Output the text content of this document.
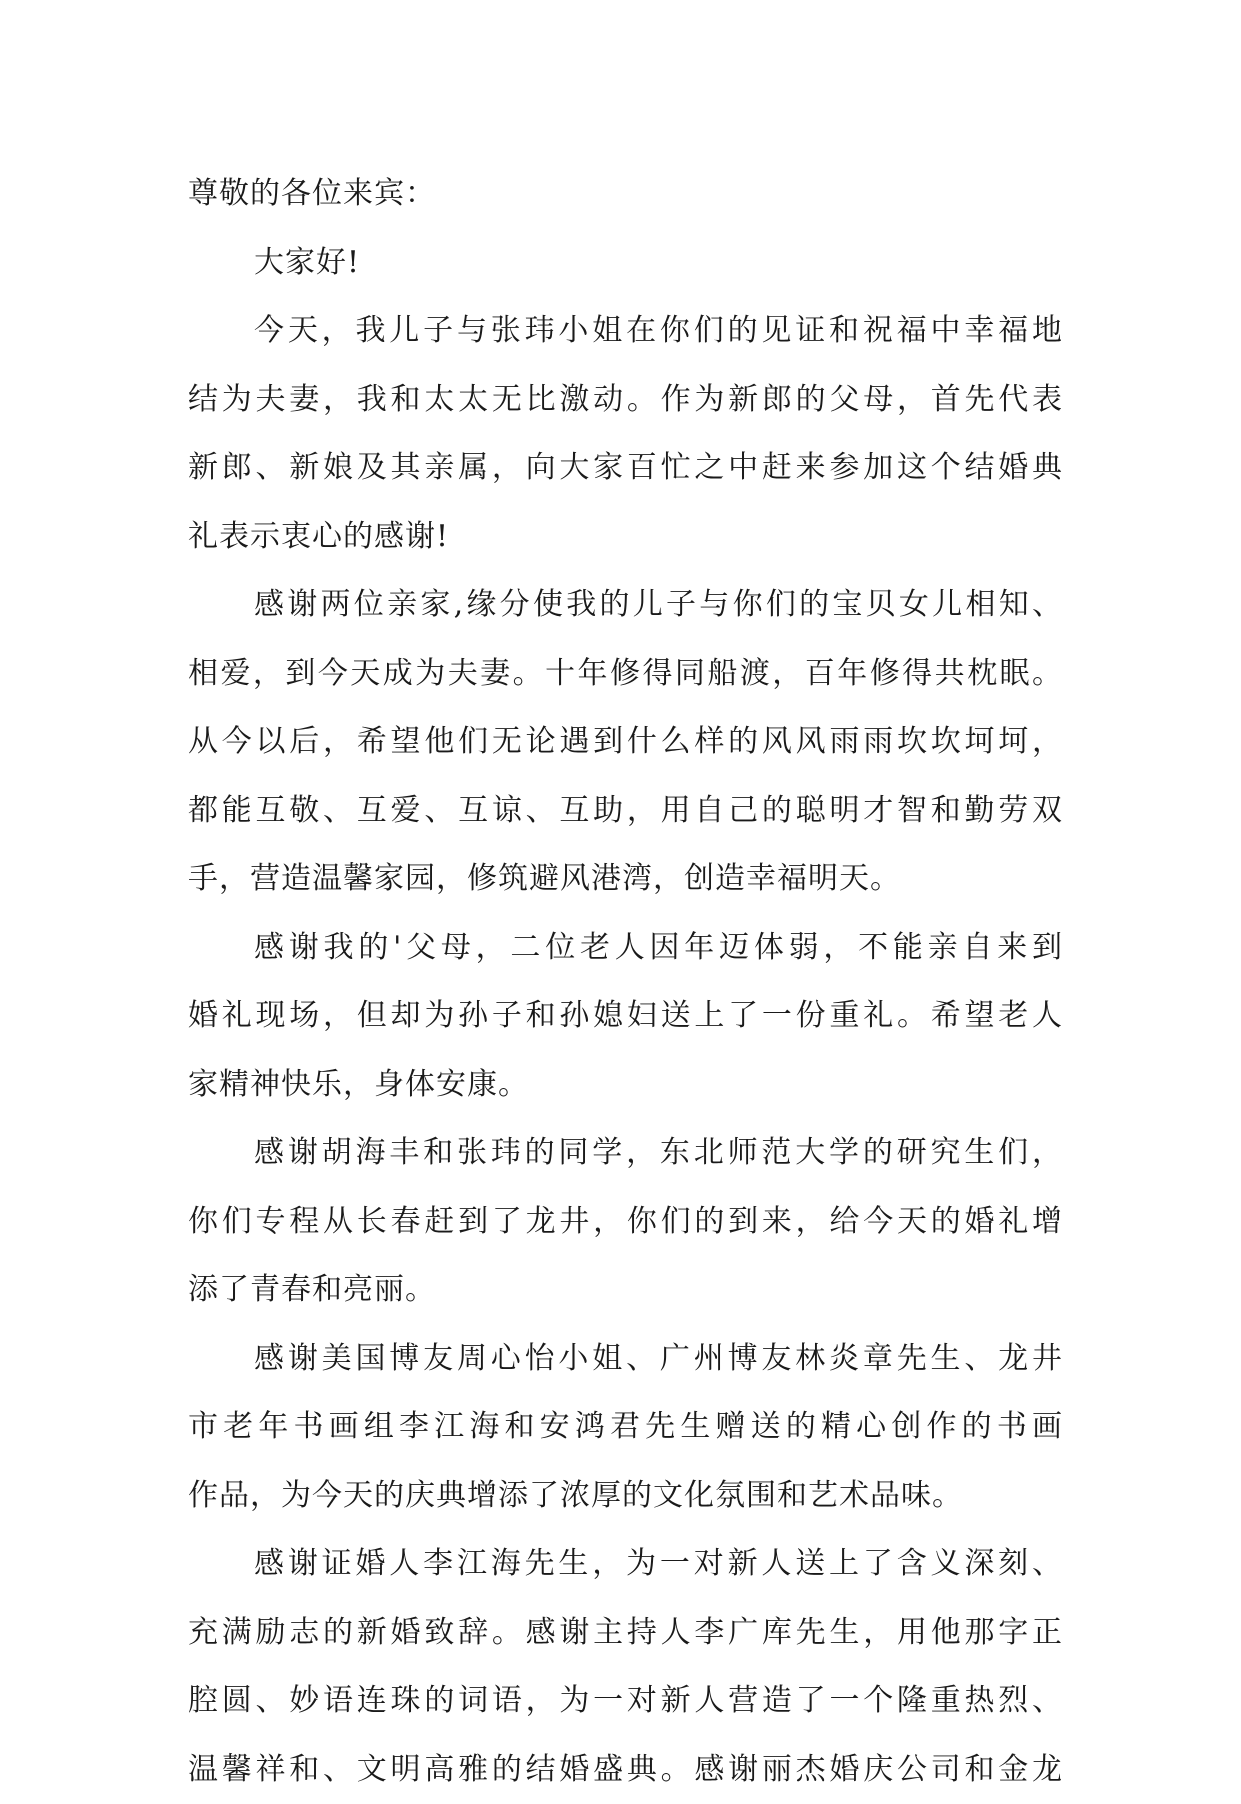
尊敬的各位来宾：
大家好!
今天，我儿子与张玮小姐在你们的见证和祝福中幸福地
结为夫妻，我和太太无比激动。作为新郎的父母，首先代表
新郎、新娘及其亲属，向大家百忙之中赶来参加这个结婚典
礼表示衷心的感谢!
感谢两位亲家,缘分使我的儿子与你们的宝贝女儿相知、
相爱，到今天成为夫妻。十年修得同船渡，百年修得共枕眠。
从今以后，希望他们无论遇到什么样的风风雨雨坎坎坷坷，
都能互敬、互爱、互谅、互助，用自己的聪明才智和勤劳双
手，营造温馨家园，修筑避风港湾，创造幸福明天。
感谢我的'父母，二位老人因年迈体弱，不能亲自来到
婚礼现场，但却为孙子和孙媳妇送上了一份重礼。希望老人
家精神快乐，身体安康。
感谢胡海丰和张玮的同学，东北师范大学的研究生们，
你们专程从长春赶到了龙井，你们的到来，给今天的婚礼增
添了青春和亮丽。
感谢美国博友周心怡小姐、广州博友林炎章先生、龙井
市老年书画组李江海和安鸿君先生赠送的精心创作的书画
作品，为今天的庆典增添了浓厚的文化氛围和艺术品味。
感谢证婚人李江海先生，为一对新人送上了含义深刻、
充满励志的新婚致辞。感谢主持人李广库先生，用他那字正
腔圆、妙语连珠的词语，为一对新人营造了一个隆重热烈、
温馨祥和、文明高雅的结婚盛典。感谢丽杰婚庆公司和金龙
